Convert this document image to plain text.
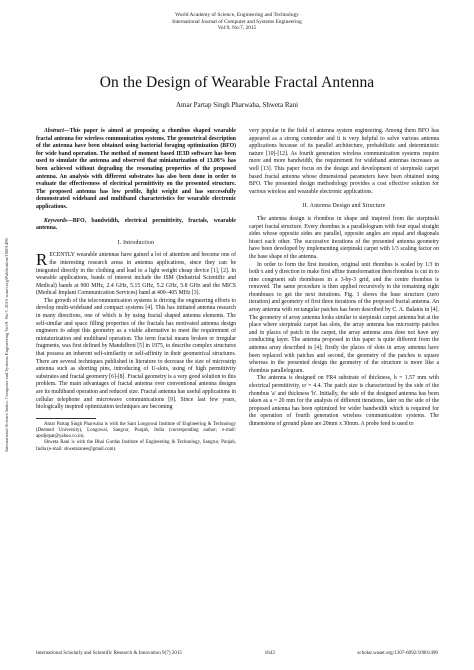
International Science Index, Computer and Systems Engineering Vol:9, No:7, 2015 waset.org/Publication/10001496
World Academy of Science, Engineering and Technology
International Journal of Computer and Systems Engineering
Vol:9, No:7, 2015
On the Design of Wearable Fractal Antenna
Amar Partap Singh Pharwaha, Shweta Rani

Abstract—This paper is aimed at proposing a rhombus shaped wearable fractal antenna for wireless communication systems. The geometrical description of the antenna have been obtained using bacterial foraging optimization (BFO) for wide band operation. The method of moment based IE3D software has been used to simulate the antenna and observed that miniaturization of 13.08% has been achieved without degrading the resonating properties of the proposed antenna. An analysis with different substrates has also been done in order to evaluate the effectiveness of electrical permittivity on the presented structure. The proposed antenna has low profile, light weight and has successfully demonstrated wideband and multiband characteristics for wearable electronic applications.

Keywords—BFO, bandwidth, electrical permittivity, fractals, wearable antenna.

I. Introduction

RECENTLY wearable antennas have gained a lot of attention and become one of the interesting research areas in antenna applications, since they can be integrated directly in the clothing and lead to a light weight cheap device [1], [2]. In wearable applications, bands of interest include the ISM (Industrial Scientific and Medical) bands at 900 MHz, 2.4 GHz, 5.15 GHz, 5.2 GHz, 5.8 GHz and the MICS (Medical Implant Communication Services) band at 400–405 MHz [3].

The growth of the telecommunication systems is driving the engineering efforts to develop multi-wideband and compact systems [4]. This has initiated antenna research in many directions, one of which is by using fractal shaped antenna elements. The self-similar and space filling properties of the fractals has motivated antenna design engineers to adopt this geometry as a viable alternative to meet the requirement of miniaturization and multiband operation. The term fractal means broken or irregular fragments, was first defined by Mandelbrot [5] in 1975, to describe complex structures that possess an inherent self-similarity or self-affinity in their geometrical structures. There are several techniques published in literature to decrease the size of microstrip antenna such as shorting pins, introducing of U-slots, using of high permittivity substrates and fractal geometry [6]-[8]. Fractal geometry is a very good solution to this problem. The main advantages of fractal antenna over conventional antenna designs are its multiband operation and reduced size. Fractal antenna has useful applications in cellular telephone and microwave communications [9]. Since last few years, biologically inspired optimization techniques are becoming

Amar Partap Singh Pharwaha is with the Sant Longowal Institute of Engineering & Technology (Deemed University), Longowal, Sangrur, Punjab, India (corresponding author; e-mail: apsdjepat@yahoo.co.in).

Shweta Rani is with the Bhai Gurdas Institute of Engineering & Technology, Sangrur, Punjab, India (e-mail: shwetaranee@gmail.com).

very popular in the field of antenna system engineering. Among them BFO has appeared as a strong contender and it is very helpful to solve various antenna applications because of its parallel architecture, probabilistic and deterministic nature [10]-[12]. As fourth generation wireless communication systems require more and more bandwidth, the requirement for wideband antennas increases as well [13]. This paper focus on the design and development of sierpinski carpet based fractal antenna whose dimensional parameters have been obtained using BFO. The presented design methodology provides a cost effective solution for various wireless and wearable electronic applications.

II. Antenna Design and Structure

The antenna design is rhombus in shape and inspired from the sierpinski carpet fractal structure. Every rhombus is a parallelogram with four equal straight sides whose opposite sides are parallel, opposite angles are equal and diagonals bisect each other. The successive iterations of the presented antenna geometry have been developed by implementing sierpinski carpet with 1/3 scaling factor on the base shape of the antenna.

In order to form the first iteration, original unit rhombus is scaled by 1/3 in both x and y direction to make first affine transformation then rhombus is cut in to nine congruent sub rhombuses in a 3-by-3 grid, and the centre rhombus is removed. The same procedure is then applied recursively to the remaining eight rhombuses to get the next iterations. Fig. 1 shows the base structure (zero iteration) and geometry of first three iterations of the proposed fractal antenna. An array antenna with rectangular patches has been described by C. A. Balanis in [4]. The geometry of array antenna looks similar to sierpinski carpet antenna but at the place where sierpinski carpet has slots, the array antenna has microstrip patches and in places of patch in the carpet, the array antenna area does not have any conducting layer. The antenna proposed in this paper is quite different from the antenna array described in [4]; firstly the places of slots in array antenna have been replaced with patches and second, the geometry of the patches is square whereas in the presented design the geometry of the structure is more like a rhombus parallelogram.

The antenna is designed on FR4 substrate of thickness, h = 1.57 mm with electrical permittivity, εr = 4.4. The patch size is characterized by the side of the rhombus 'a' and thickness 'h'. Initially, the side of the designed antenna has been taken as a = 20 mm for the analysis of different iterations, later on the side of the proposed antenna has been optimized for wider bandwidth which is required for the operation of fourth generation wireless communication systems. The dimensions of ground plane are 20mm x 30mm. A probe feed is used to

International Scholarly and Scientific Research & Innovation 9(7) 2015	1643	scholar.waset.org/1307-6892/10001496
